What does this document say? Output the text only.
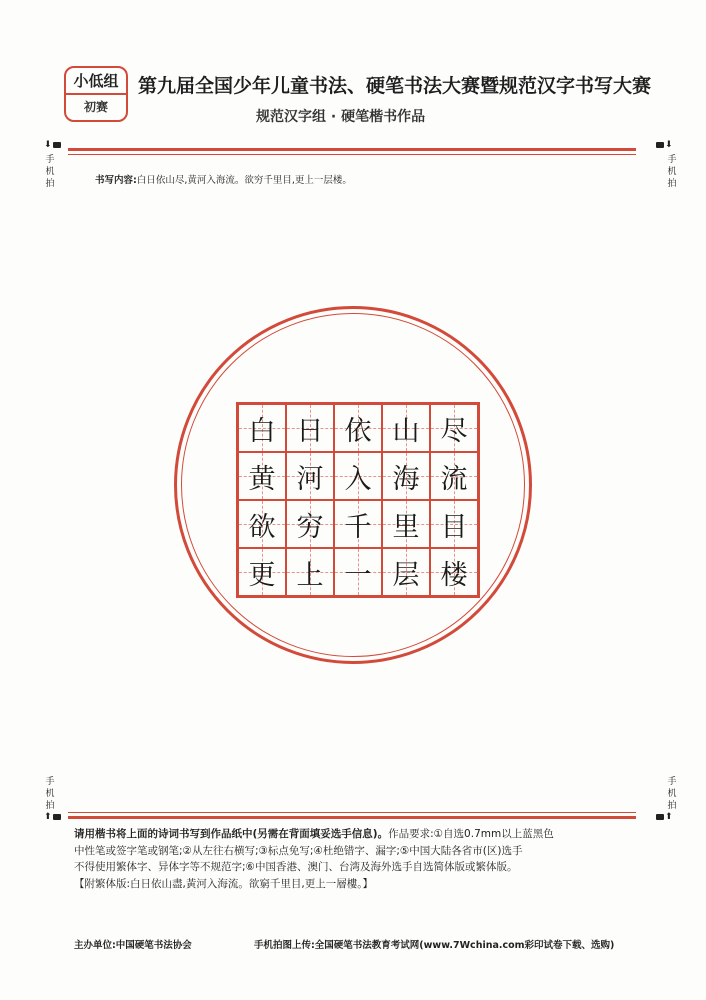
小低组
初赛
第九届全国少年儿童书法、硬笔书法大赛暨规范汉字书写大赛
规范汉字组 · 硬笔楷书作品
⬇
手机拍
⬇
手机拍
书写内容:白日依山尽,黄河入海流。欲穷千里目,更上一层楼。
白 日 依 山 尽
黄 河 入 海 流
欲 穷 千 里 目
更 上 一 层 楼
手机拍
⬆
手机拍
⬆

请用楷书将上面的诗词书写到作品纸中(另需在背面填妥选手信息)。作品要求:①自选0.7mm以上蓝黑色

中性笔或签字笔或钢笔;②从左往右横写;③标点免写;④杜绝错字、漏字;⑤中国大陆各省市(区)选手

不得使用繁体字、异体字等不规范字;⑥中国香港、澳门、台湾及海外选手自选简体版或繁体版。

【附繁体版:白日依山盡,黃河入海流。欲窮千里目,更上一層樓。】

主办单位:中国硬笔书法协会	手机拍图上传:全国硬笔书法教育考试网(www.7Wchina.com彩印试卷下载、选购)
